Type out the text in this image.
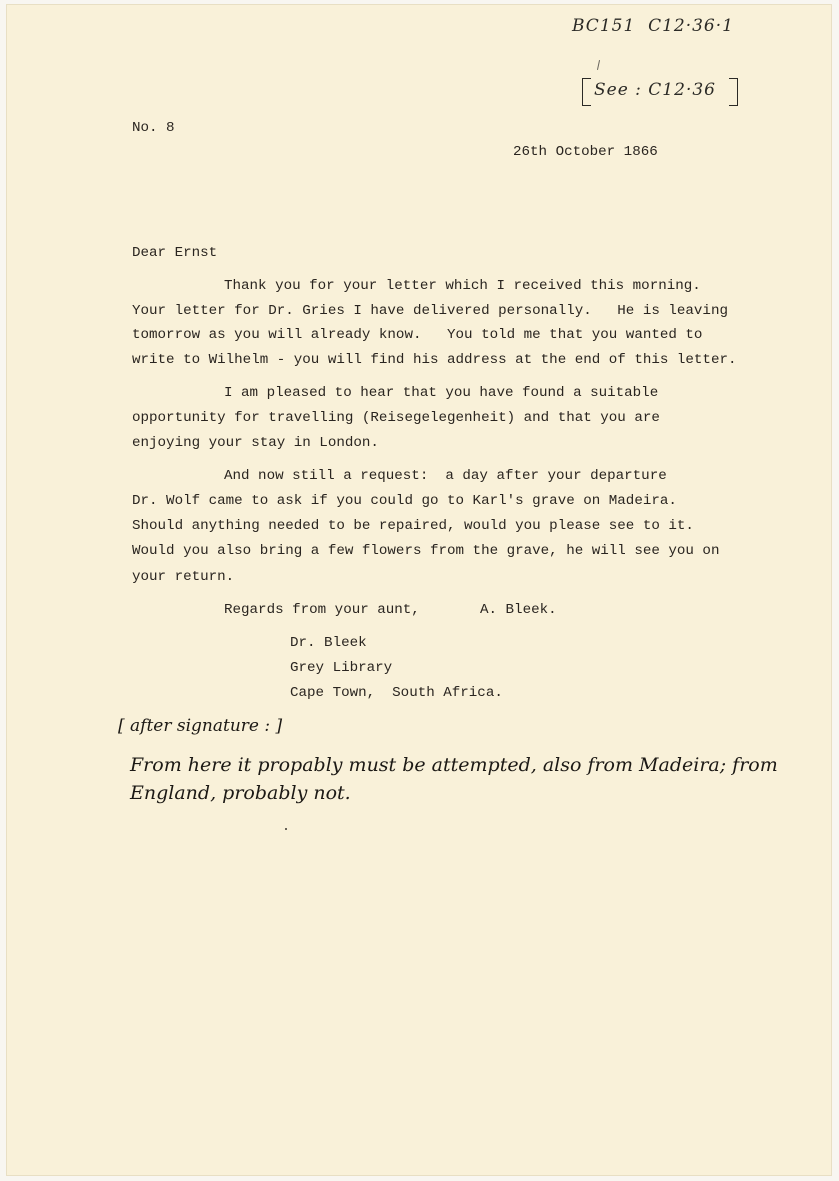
BC151  C12·36·1
See : C12·36
No. 8
26th October 1866
Dear Ernst
Thank you for your letter which I received this morning.
Your letter for Dr. Gries I have delivered personally.   He is leaving
tomorrow as you will already know.   You told me that you wanted to
write to Wilhelm - you will find his address at the end of this letter.
I am pleased to hear that you have found a suitable
opportunity for travelling (Reisegelegenheit) and that you are
enjoying your stay in London.
And now still a request:  a day after your departure
Dr. Wolf came to ask if you could go to Karl's grave on Madeira.
Should anything needed to be repaired, would you please see to it.
Would you also bring a few flowers from the grave, he will see you on
your return.
Regards from your aunt,	A. Bleek.
Dr. Bleek
Grey Library
Cape Town,  South Africa.
[ after signature : ]
From here it propably must be attempted, also from Madeira; from
England, probably not.
